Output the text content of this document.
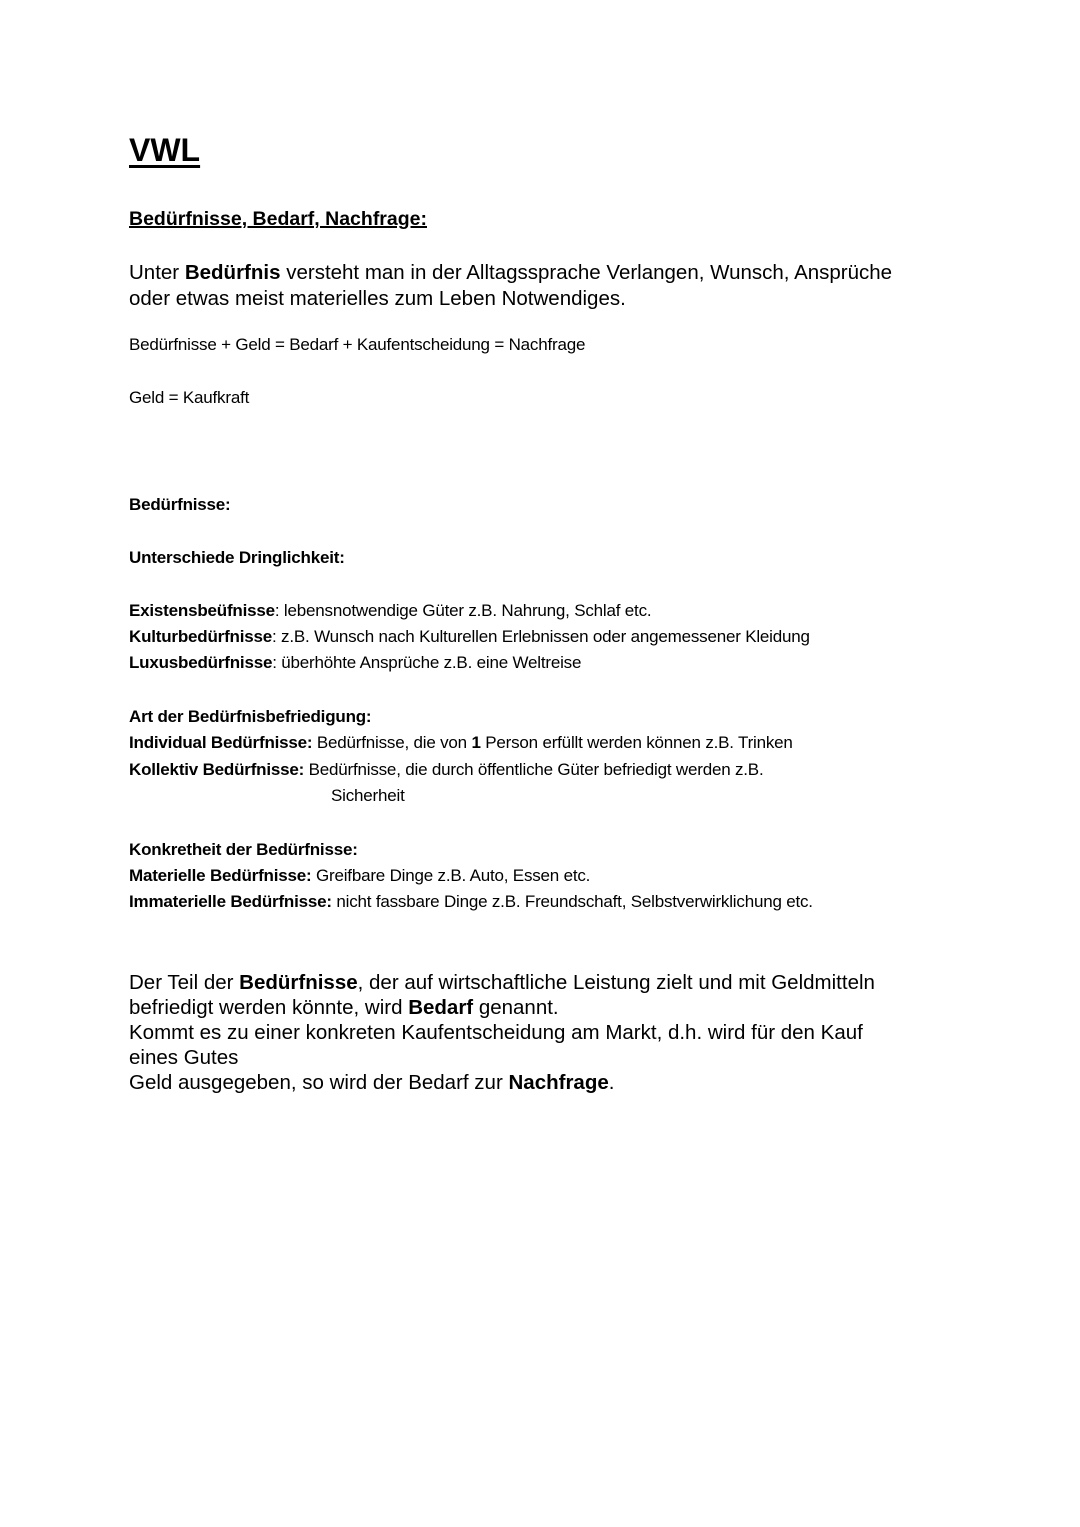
VWL
Bedürfnisse, Bedarf, Nachfrage:
Unter Bedürfnis versteht man in der Alltagssprache Verlangen, Wunsch, Ansprüche
oder etwas meist materielles zum Leben Notwendiges.
Bedürfnisse + Geld = Bedarf + Kaufentscheidung = Nachfrage
Geld = Kaufkraft
Bedürfnisse:
Unterschiede Dringlichkeit:
Existensbeüfnisse: lebensnotwendige Güter z.B. Nahrung, Schlaf etc.
Kulturbedürfnisse: z.B. Wunsch nach Kulturellen Erlebnissen oder angemessener Kleidung
Luxusbedürfnisse: überhöhte Ansprüche z.B. eine Weltreise
Art der Bedürfnisbefriedigung:
Individual Bedürfnisse: Bedürfnisse, die von 1 Person erfüllt werden können z.B. Trinken
Kollektiv Bedürfnisse: Bedürfnisse, die durch öffentliche Güter befriedigt werden z.B.
Sicherheit
Konkretheit der Bedürfnisse:
Materielle Bedürfnisse: Greifbare Dinge z.B. Auto, Essen etc.
Immaterielle Bedürfnisse: nicht fassbare Dinge z.B. Freundschaft, Selbstverwirklichung etc.
Der Teil der Bedürfnisse, der auf wirtschaftliche Leistung zielt und mit Geldmitteln
befriedigt werden könnte, wird Bedarf genannt.
Kommt es zu einer konkreten Kaufentscheidung am Markt, d.h. wird für den Kauf
eines Gutes
Geld ausgegeben, so wird der Bedarf zur Nachfrage.
